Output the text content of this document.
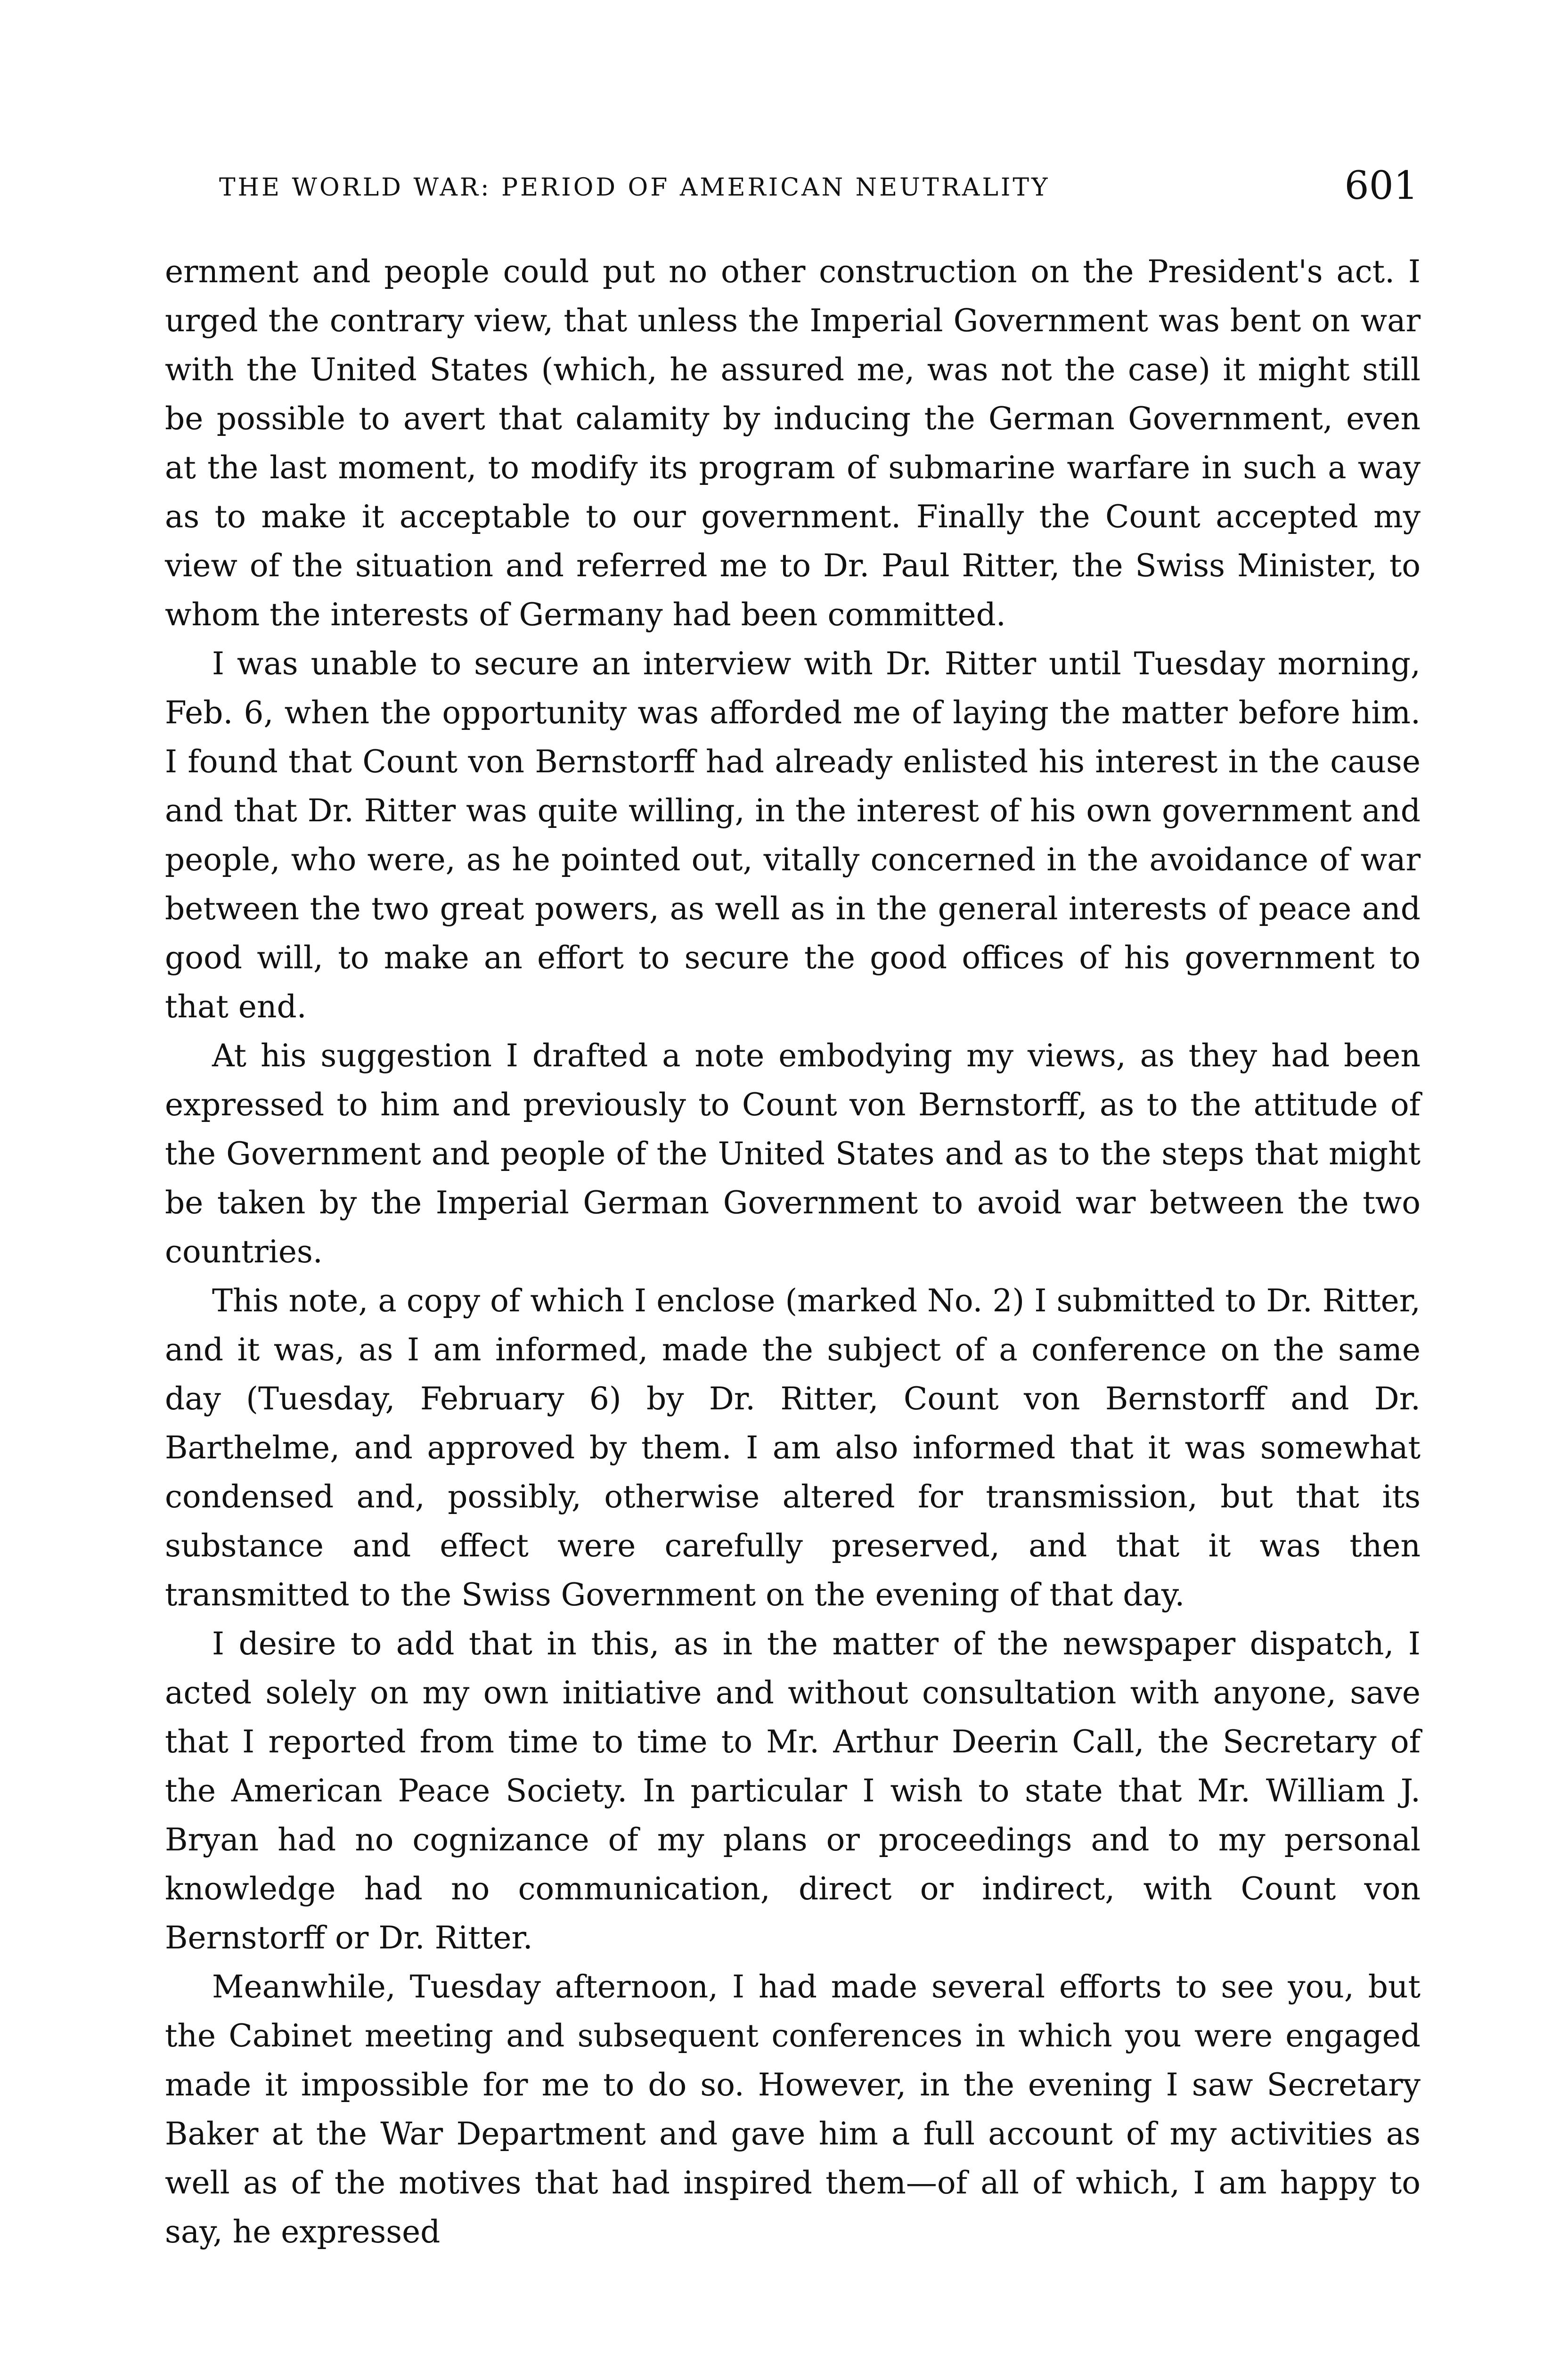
THE WORLD WAR: PERIOD OF AMERICAN NEUTRALITY	601

ernment and people could put no other construction on the President's act. I urged the contrary view, that unless the Imperial Government was bent on war with the United States (which, he assured me, was not the case) it might still be possible to avert that calamity by inducing the German Government, even at the last moment, to modify its program of submarine warfare in such a way as to make it acceptable to our government. Finally the Count accepted my view of the situation and referred me to Dr. Paul Ritter, the Swiss Minister, to whom the interests of Germany had been committed.

I was unable to secure an interview with Dr. Ritter until Tuesday morning, Feb. 6, when the opportunity was afforded me of laying the matter before him. I found that Count von Bernstorff had already enlisted his interest in the cause and that Dr. Ritter was quite willing, in the interest of his own government and people, who were, as he pointed out, vitally concerned in the avoidance of war between the two great powers, as well as in the general interests of peace and good will, to make an effort to secure the good offices of his government to that end.

At his suggestion I drafted a note embodying my views, as they had been expressed to him and previously to Count von Bernstorff, as to the attitude of the Government and people of the United States and as to the steps that might be taken by the Imperial German Government to avoid war between the two countries.

This note, a copy of which I enclose (marked No. 2) I submitted to Dr. Ritter, and it was, as I am informed, made the subject of a conference on the same day (Tuesday, February 6) by Dr. Ritter, Count von Bernstorff and Dr. Barthelme, and approved by them. I am also informed that it was somewhat condensed and, possibly, otherwise altered for transmission, but that its substance and effect were carefully preserved, and that it was then transmitted to the Swiss Government on the evening of that day.

I desire to add that in this, as in the matter of the newspaper dispatch, I acted solely on my own initiative and without consultation with anyone, save that I reported from time to time to Mr. Arthur Deerin Call, the Secretary of the American Peace Society. In particular I wish to state that Mr. William J. Bryan had no cognizance of my plans or proceedings and to my personal knowledge had no communication, direct or indirect, with Count von Bernstorff or Dr. Ritter.

Meanwhile, Tuesday afternoon, I had made several efforts to see you, but the Cabinet meeting and subsequent conferences in which you were engaged made it impossible for me to do so. However, in the evening I saw Secretary Baker at the War Department and gave him a full account of my activities as well as of the motives that had inspired them—of all of which, I am happy to say, he expressed
